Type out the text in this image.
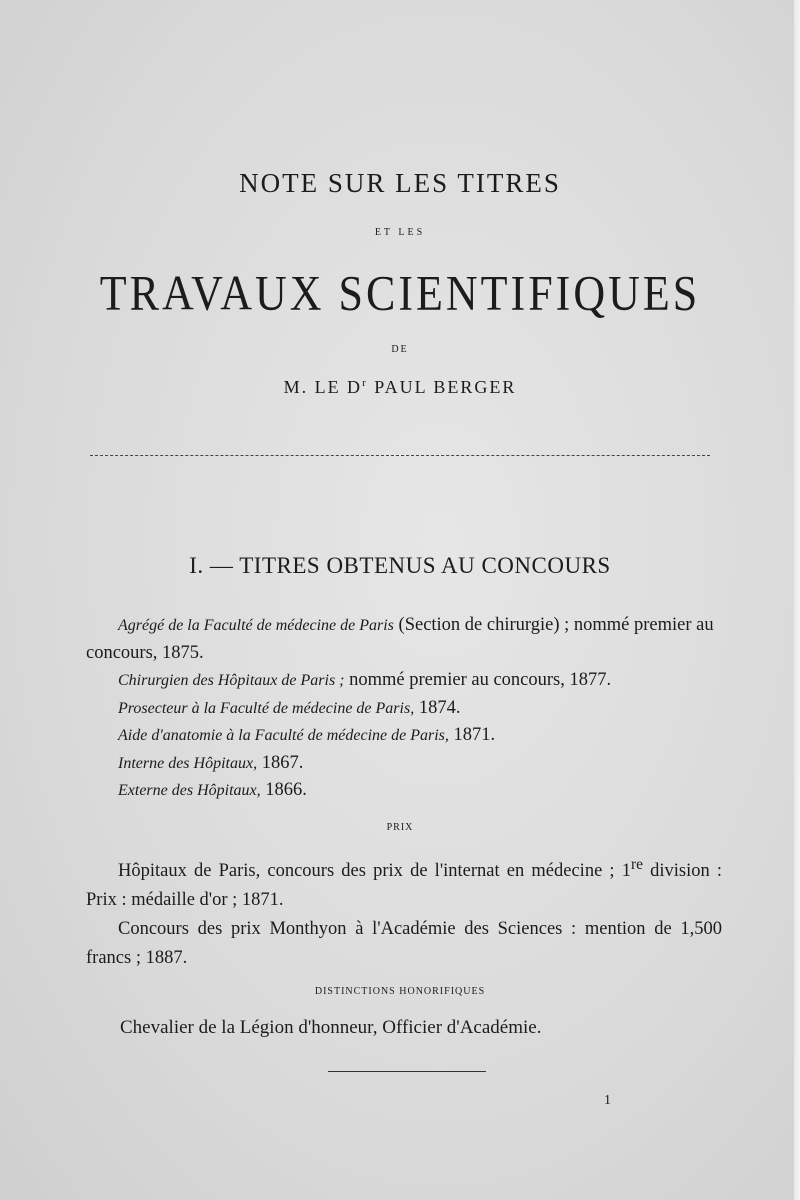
NOTE SUR LES TITRES
ET LES
TRAVAUX SCIENTIFIQUES
DE
M. LE $D^r$ PAUL BERGER
I. — TITRES OBTENUS AU CONCOURS

Agrégé de la Faculté de médecine de Paris (Section de chirurgie) ; nommé premier au concours, 1875.

Chirurgien des Hôpitaux de Paris ; nommé premier au concours, 1877.

Prosecteur à la Faculté de médecine de Paris, 1874.

Aide d'anatomie à la Faculté de médecine de Paris, 1871.

Interne des Hôpitaux, 1867.

Externe des Hôpitaux, 1866.

PRIX

Hôpitaux de Paris, concours des prix de l'internat en médecine ; 1re division : Prix : médaille d'or ; 1871.

Concours des prix Monthyon à l'Académie des Sciences : mention de 1,500 francs ; 1887.

DISTINCTIONS HONORIFIQUES
Chevalier de la Légion d'honneur, Officier d'Académie.
1
